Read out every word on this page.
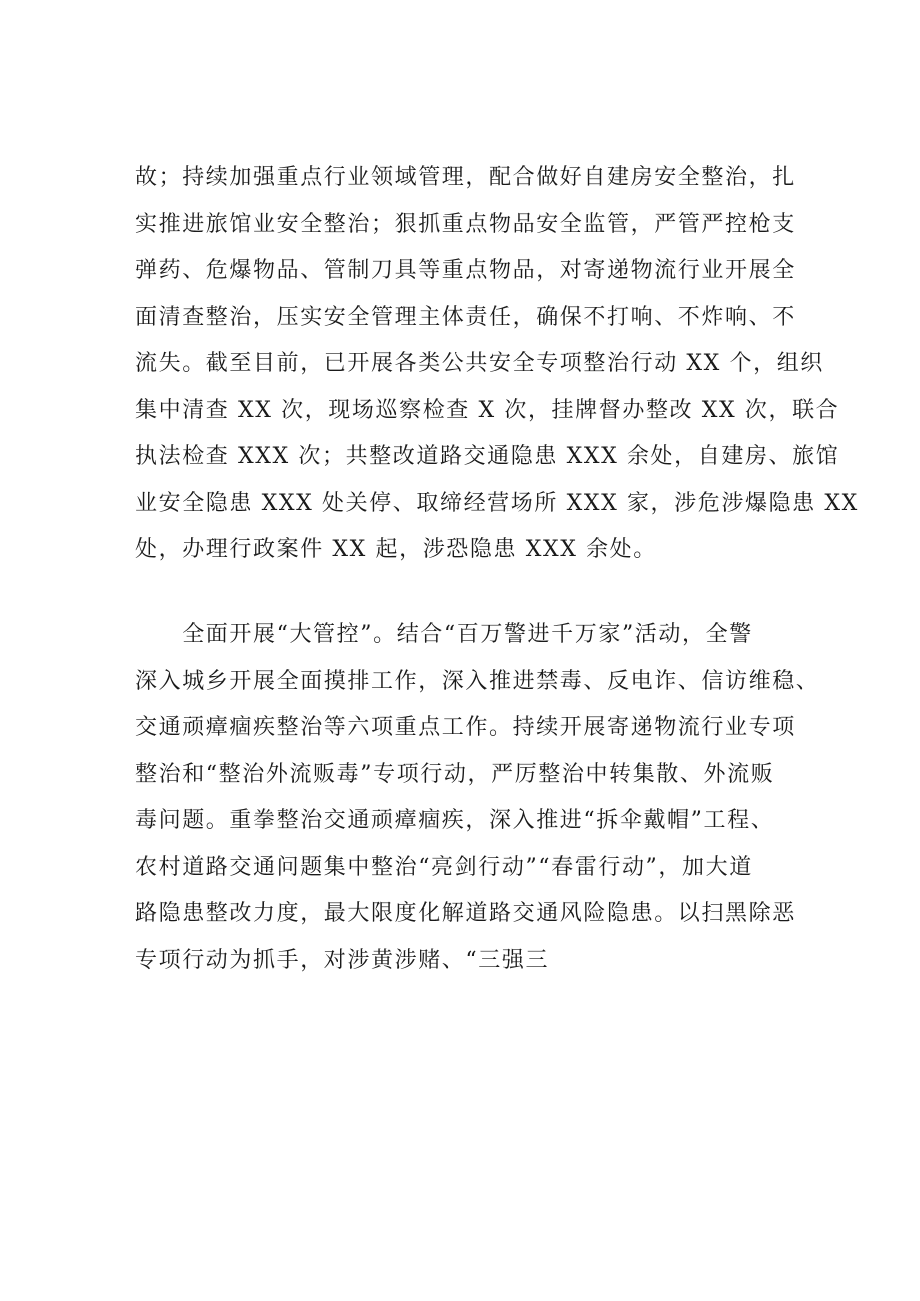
故；持续加强重点行业领域管理，配合做好自建房安全整治，扎
实推进旅馆业安全整治；狠抓重点物品安全监管，严管严控枪支
弹药、危爆物品、管制刀具等重点物品，对寄递物流行业开展全
面清查整治，压实安全管理主体责任，确保不打响、不炸响、不
流失。截至目前，已开展各类公共安全专项整治行动 XX 个，组织
集中清查 XX 次，现场巡察检查 X 次，挂牌督办整改 XX 次，联合
执法检查 XXX 次；共整改道路交通隐患 XXX 余处，自建房、旅馆
业安全隐患 XXX 处关停、取缔经营场所 XXX 家，涉危涉爆隐患 XX
处，办理行政案件 XX 起，涉恐隐患 XXX 余处。
　　全面开展“大管控”。结合“百万警进千万家”活动，全警
深入城乡开展全面摸排工作，深入推进禁毒、反电诈、信访维稳、
交通顽瘴痼疾整治等六项重点工作。持续开展寄递物流行业专项
整治和“整治外流贩毒”专项行动，严厉整治中转集散、外流贩
毒问题。重拳整治交通顽瘴痼疾，深入推进“拆伞戴帽”工程、
农村道路交通问题集中整治“亮剑行动”“春雷行动”，加大道
路隐患整改力度，最大限度化解道路交通风险隐患。以扫黑除恶
专项行动为抓手，对涉黄涉赌、“三强三
